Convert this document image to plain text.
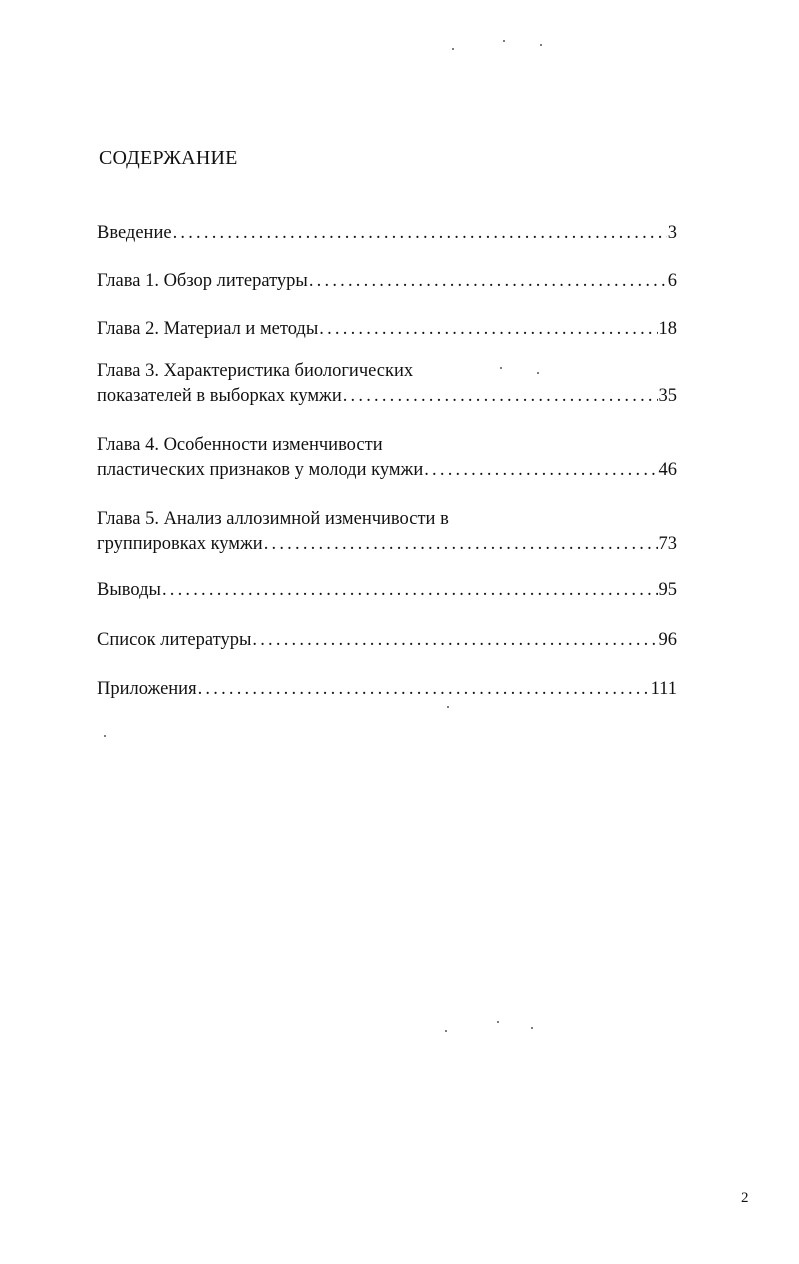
СОДЕРЖАНИЕ
Введение .....	3
Глава 1. Обзор литературы .....	6
Глава 2. Материал и методы .....	18
Глава 3. Характеристика биологических
показателей в выборках кумжи .....	35
Глава 4. Особенности изменчивости
пластических признаков у молоди кумжи .....	46
Глава 5. Анализ аллозимной изменчивости в
группировках кумжи .....	73
Выводы .....	95
Список литературы .....	96
Приложения .....	111
2
